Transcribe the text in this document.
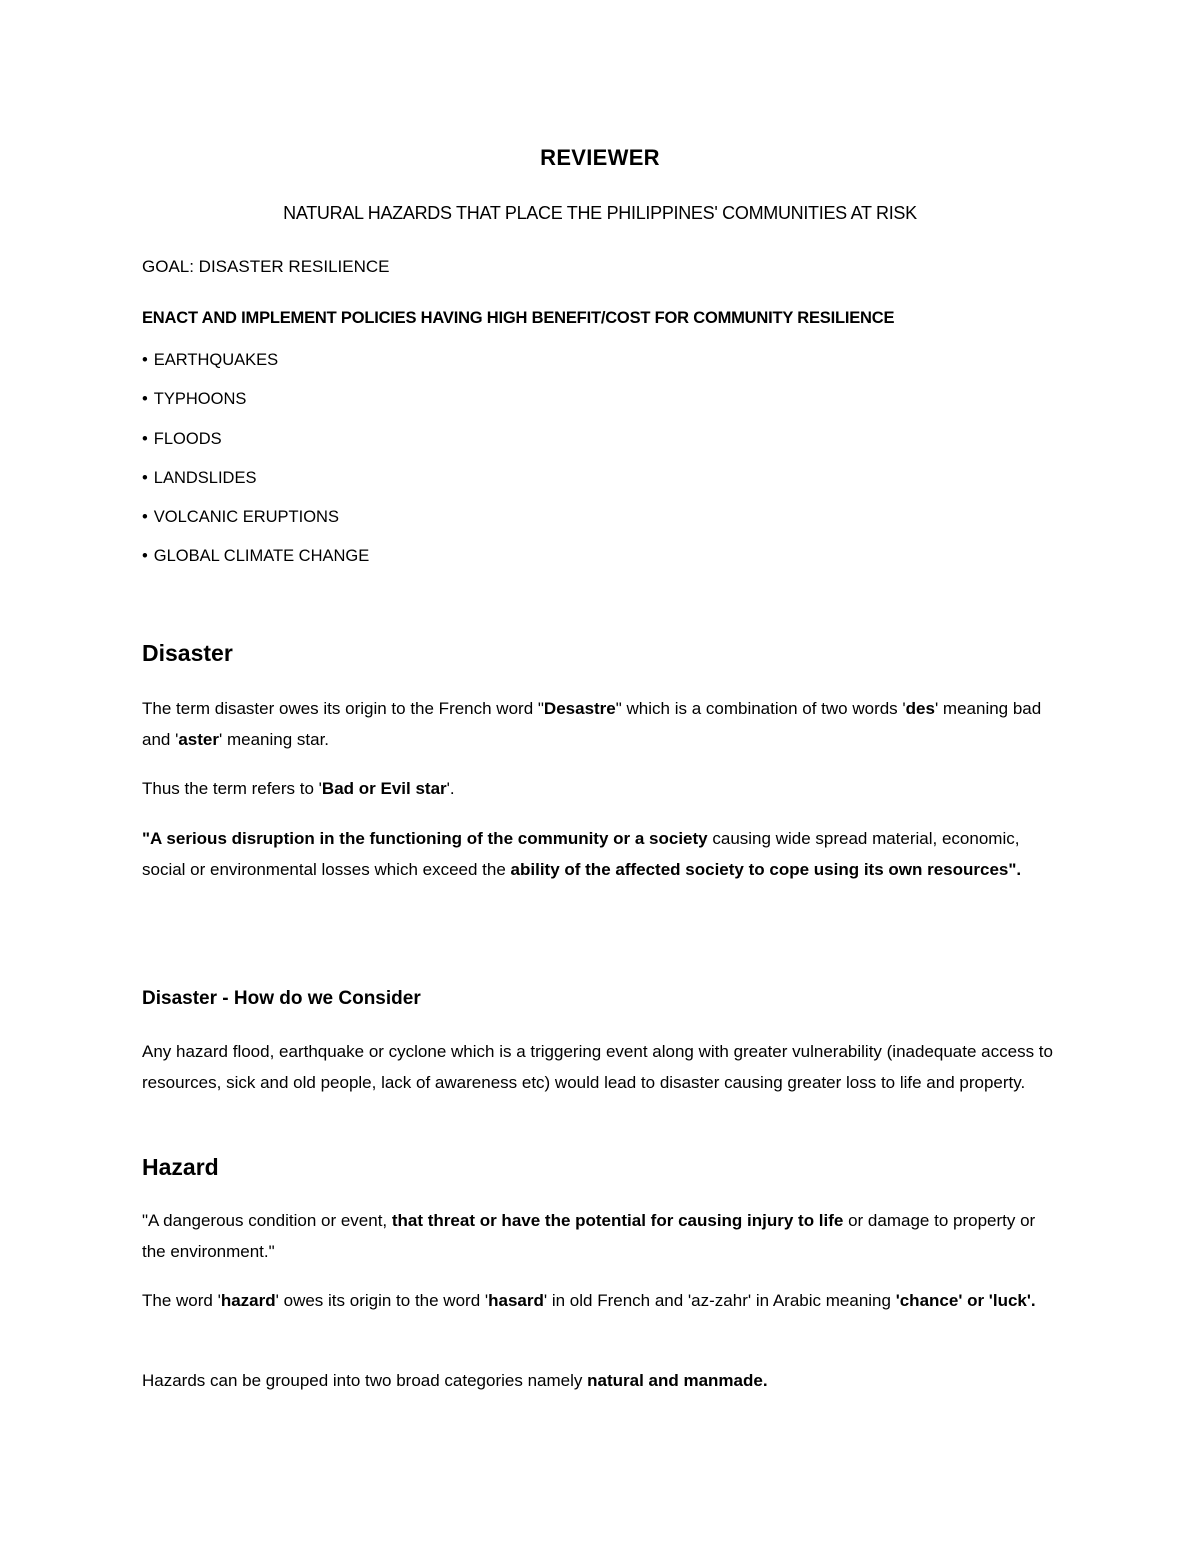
REVIEWER
NATURAL HAZARDS THAT PLACE THE PHILIPPINES' COMMUNITIES AT RISK
GOAL: DISASTER RESILIENCE
ENACT AND IMPLEMENT POLICIES HAVING HIGH BENEFIT/COST FOR COMMUNITY RESILIENCE
• EARTHQUAKES
• TYPHOONS
• FLOODS
• LANDSLIDES
• VOLCANIC ERUPTIONS
• GLOBAL CLIMATE CHANGE
Disaster
The term disaster owes its origin to the French word "Desastre" which is a combination of two words 'des' meaning bad and 'aster' meaning star.
Thus the term refers to 'Bad or Evil star'.
"A serious disruption in the functioning of the community or a society causing wide spread material, economic, social or environmental losses which exceed the ability of the affected society to cope using its own resources".
Disaster - How do we Consider
Any hazard flood, earthquake or cyclone which is a triggering event along with greater vulnerability (inadequate access to resources, sick and old people, lack of awareness etc) would lead to disaster causing greater loss to life and property.
Hazard
"A dangerous condition or event, that threat or have the potential for causing injury to life or damage to property or the environment."
The word 'hazard' owes its origin to the word 'hasard' in old French and 'az-zahr' in Arabic meaning 'chance' or 'luck'.
Hazards can be grouped into two broad categories namely natural and manmade.
